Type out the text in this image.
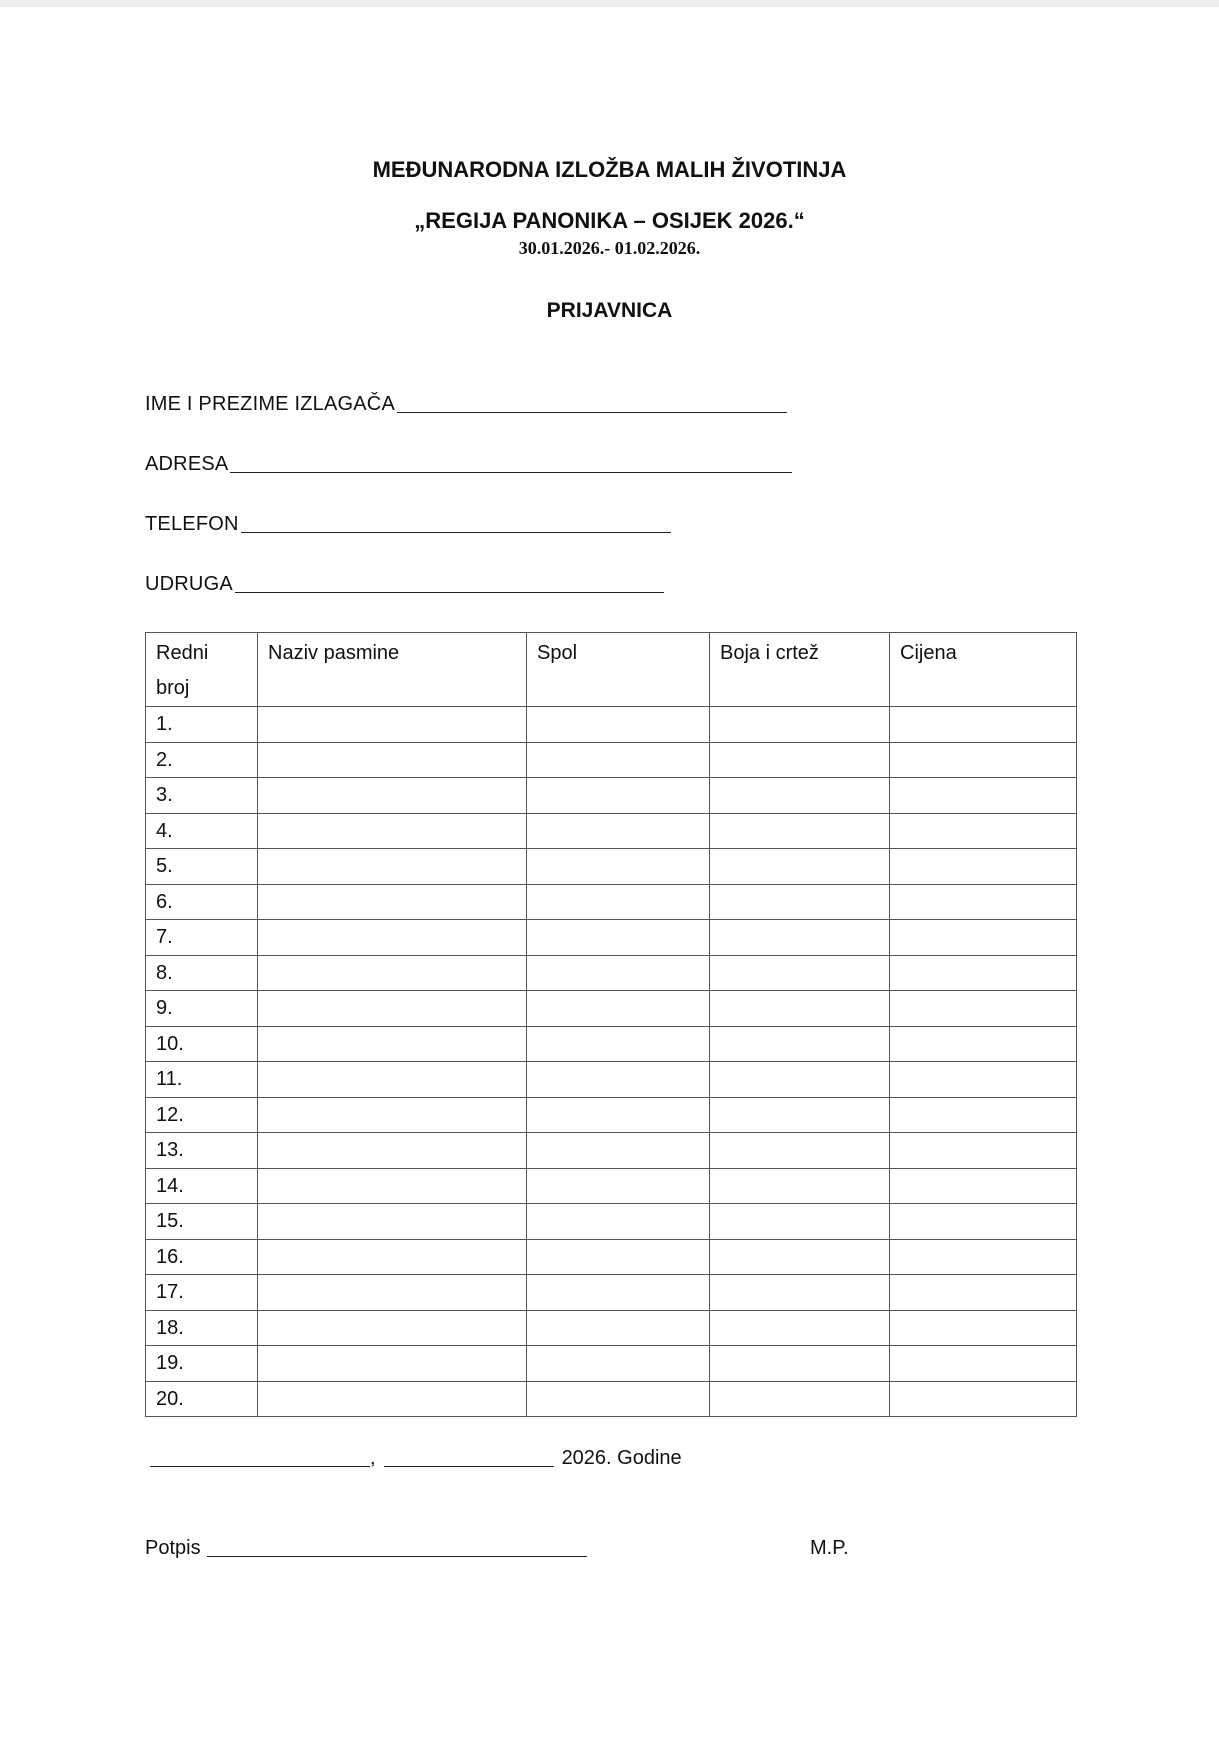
MEĐUNARODNA IZLOŽBA MALIH ŽIVOTINJA
„REGIJA PANONIKA – OSIJEK 2026.“
30.01.2026.- 01.02.2026.
PRIJAVNICA
IME I PREZIME IZLAGAČA
ADRESA
TELEFON
UDRUGA
Redni broj	Naziv pasmine	Spol	Boja i crtež	Cijena
1.				
2.				
3.				
4.				
5.				
6.				
7.				
8.				
9.				
10.				
11.				
12.				
13.				
14.				
15.				
16.				
17.				
18.				
19.				
20.				
,	2026. Godine
Potpis	M.P.
